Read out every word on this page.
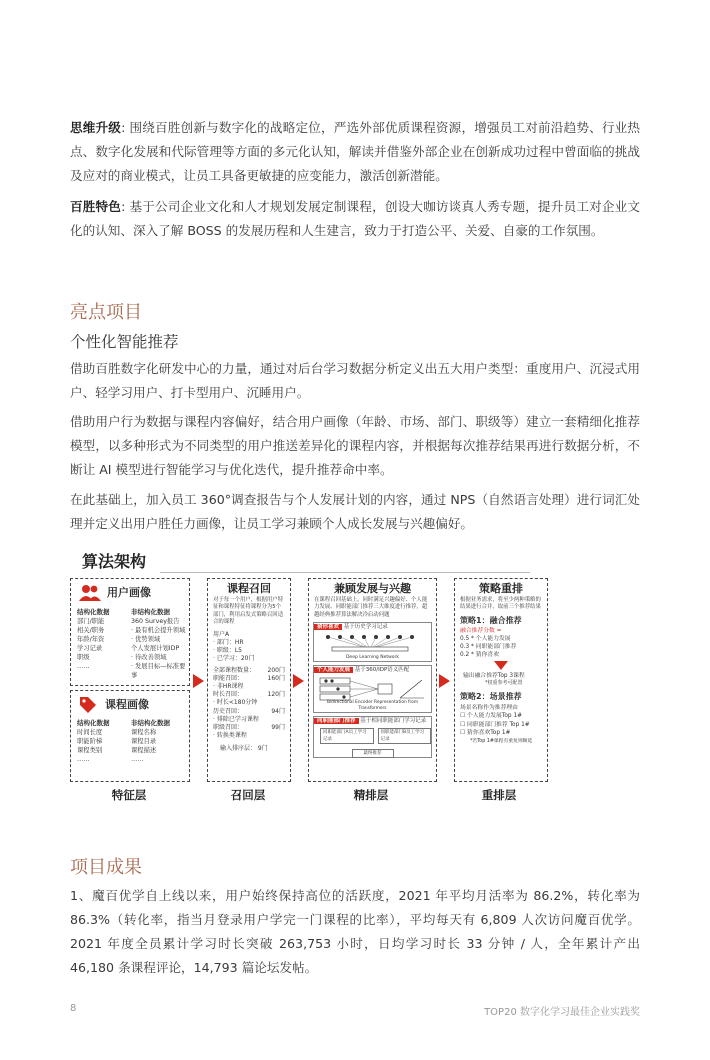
思维升级: 围绕百胜创新与数字化的战略定位，严选外部优质课程资源，增强员工对前沿趋势、行业热点、数字化发展和代际管理等方面的多元化认知，解读并借鉴外部企业在创新成功过程中曾面临的挑战及应对的商业模式，让员工具备更敏捷的应变能力，激活创新潜能。
百胜特色: 基于公司企业文化和人才规划发展定制课程，创设大咖访谈真人秀专题，提升员工对企业文化的认知、深入了解 BOSS 的发展历程和人生建言，致力于打造公平、关爱、自豪的工作氛围。
亮点项目
个性化智能推荐
借助百胜数字化研发中心的力量，通过对后台学习数据分析定义出五大用户类型：重度用户、沉浸式用户、轻学习用户、打卡型用户、沉睡用户。
借助用户行为数据与课程内容偏好，结合用户画像（年龄、市场、部门、职级等）建立一套精细化推荐模型，以多种形式为不同类型的用户推送差异化的课程内容，并根据每次推荐结果再进行数据分析，不断让 AI 模型进行智能学习与优化迭代，提升推荐命中率。
在此基础上，加入员工 360°调查报告与个人发展计划的内容，通过 NPS（自然语言处理）进行词汇处理并定义出用户胜任力画像，让员工学习兼顾个人成长发展与兴趣偏好。
算法架构
用户画像
结构化数据
部门/职能
相关/职务
年龄/年资
学习记录
职级
……
非结构化数据
360 Survey报告
· 最有机会提升领域
· 优势领域
个人发展计划IDP
· 待改善领域
· 发展目标—标准要事
课程画像
结构化数据
时间长度
职能阶梯
课程类别
……
非结构化数据
课程名称
课程目录
课程描述
……
特征层
课程召回
对于每一个用户，根据用户特征和课程特征将课程分为5个部门，利用启发式策略召回适合的课程
用户A
· 部门：HR
· 职级：L5
· 已学习：20门
全部课程数量： 200门
职能召回：	160门
· 非HR课程
时长召回：	120门
· 时长<180分钟
历史召回：	94门
· 排除已学习课程
职级召回：	99门
· 转换类课程
输入排序层： 9门
召回层
兼顾发展与兴趣
在课程召回基础上，同时满足兴趣偏好、个人能力发展、同职能部门推荐三大维度进行推荐，超越经典推荐算法解决冷启动问题
猜你喜欢 基于历史学习记录
Deep Learning Network
个人能力发展 基于360/IDP语义匹配
Bidirectional Encoder Representation from Transformers
同职能部门推荐 基于相同职能部门学习记录
同职能部门A员工学习记录
同职能部门B员工学习记录
最终推荐
精排层
策略重排
根据业务需求，将至少两种策略的结果进行合并，取前三个推荐结果
策略1：融合推荐
融合推荐分数 =
0.5 * 个人能力发展
0.3 * 同职能部门推荐
0.2 * 猜你喜欢
输出融合推荐Top 3课程
*权重参考可配置
策略2：场景推荐
场景名称作为推荐理由
☐ 个人能力发展Top 1#
☐ 同职能部门推荐 Top 1#
☐ 猜你喜欢Top 1#
*若Top 1#课程有重复则顺延
重排层
项目成果
1、魔百优学自上线以来，用户始终保持高位的活跃度，2021 年平均月活率为 86.2%，转化率为 86.3%（转化率，指当月登录用户学完一门课程的比率），平均每天有 6,809 人次访问魔百优学。2021 年度全员累计学习时长突破 263,753 小时，日均学习时长 33 分钟 / 人，全年累计产出 46,180 条课程评论，14,793 篇论坛发帖。
8	TOP20 数字化学习最佳企业实践奖
